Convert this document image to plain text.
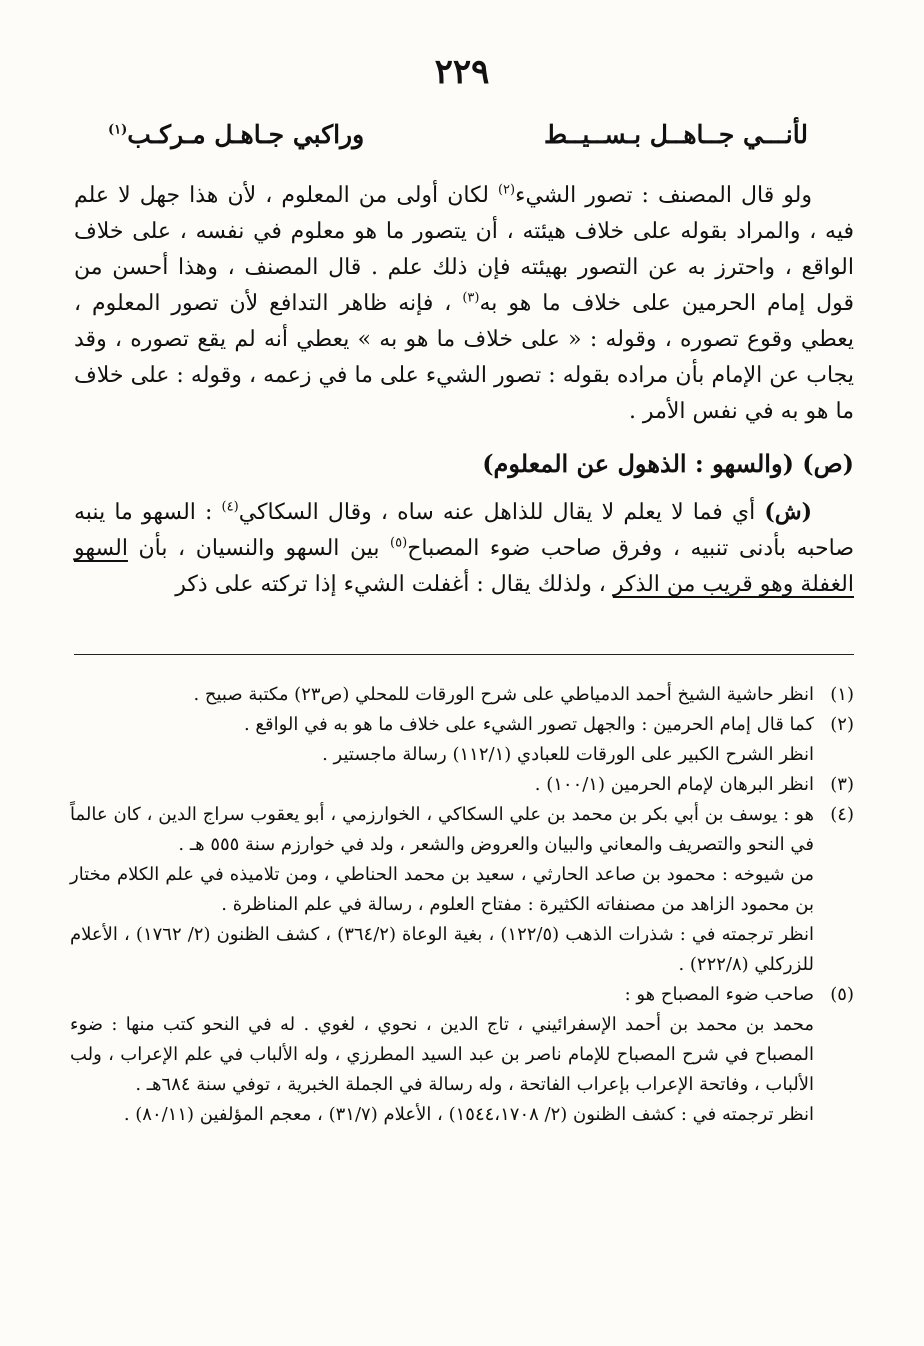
٢٢٩
لأنـــي جــاهــل بـســيــط
وراكبي جـاهـل مـركـب$^{(١)}$

ولو قال المصنف : تصور الشيء$^{(٢)}$ لكان أولى من المعلوم ، لأن هذا جهل لا علم فيه ، والمراد بقوله على خلاف هيئته ، أن يتصور ما هو معلوم في نفسه ، على خلاف الواقع ، واحترز به عن التصور بهيئته فإن ذلك علم . قال المصنف ، وهذا أحسن من قول إمام الحرمين على خلاف ما هو به$^{(٣)}$ ، فإنه ظاهر التدافع لأن تصور المعلوم ، يعطي وقوع تصوره ، وقوله : « على خلاف ما هو به » يعطي أنه لم يقع تصوره ، وقد يجاب عن الإمام بأن مراده بقوله : تصور الشيء على ما في زعمه ، وقوله : على خلاف ما هو به في نفس الأمر .

(ص) (والسهو : الذهول عن المعلوم)

(ش) أي فما لا يعلم لا يقال للذاهل عنه ساه ، وقال السكاكي$^{(٤)}$ : السهو ما ينبه صاحبه بأدنى تنبيه ، وفرق صاحب ضوء المصباح$^{(٥)}$ بين السهو والنسيان ، بأن السهو الغفلة وهو قريب من الذكر ، ولذلك يقال : أغفلت الشيء إذا تركته على ذكر

(١)
انظر حاشية الشيخ أحمد الدمياطي على شرح الورقات للمحلي (ص٢٣) مكتبة صبيح .
(٢)
كما قال إمام الحرمين : والجهل تصور الشيء على خلاف ما هو به في الواقع .
انظر الشرح الكبير على الورقات للعبادي (١١٢/١) رسالة ماجستير .
(٣)
انظر البرهان لإمام الحرمين (١٠٠/١) .
(٤)
هو : يوسف بن أبي بكر بن محمد بن علي السكاكي ، الخوارزمي ، أبو يعقوب سراج الدين ، كان عالماً في النحو والتصريف والمعاني والبيان والعروض والشعر ، ولد في خوارزم سنة ٥٥٥ هـ .
من شيوخه : محمود بن صاعد الحارثي ، سعيد بن محمد الحناطي ، ومن تلاميذه في علم الكلام مختار بن محمود الزاهد من مصنفاته الكثيرة : مفتاح العلوم ، رسالة في علم المناظرة .
انظر ترجمته في : شذرات الذهب (١٢٢/٥) ، بغية الوعاة (٣٦٤/٢) ، كشف الظنون (٢/ ١٧٦٢) ، الأعلام للزركلي (٢٢٢/٨) .
(٥)
صاحب ضوء المصباح هو :
محمد بن محمد بن أحمد الإسفرائيني ، تاج الدين ، نحوي ، لغوي . له في النحو كتب منها : ضوء المصباح في شرح المصباح للإمام ناصر بن عبد السيد المطرزي ، وله الألباب في علم الإعراب ، ولب الألباب ، وفاتحة الإعراب بإعراب الفاتحة ، وله رسالة في الجملة الخبرية ، توفي سنة ٦٨٤هـ .
انظر ترجمته في : كشف الظنون (٢/ ١٥٤٤،١٧٠٨) ، الأعلام (٣١/٧) ، معجم المؤلفين (٨٠/١١) .
